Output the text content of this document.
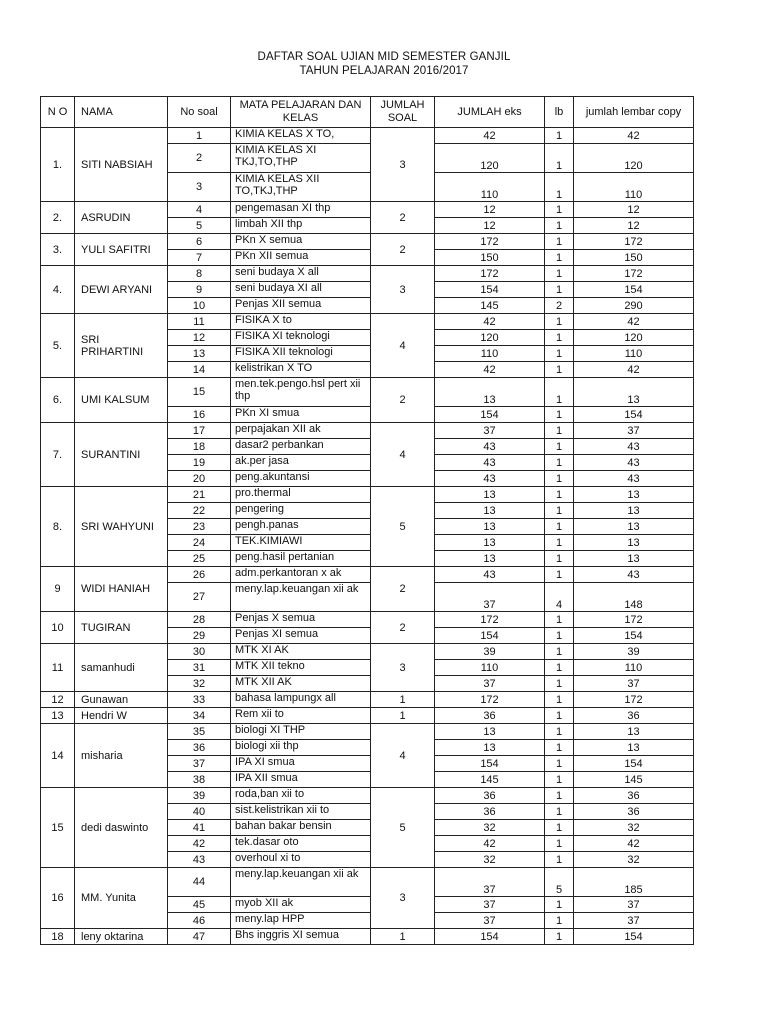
DAFTAR SOAL UJIAN MID SEMESTER GANJIL
TAHUN PELAJARAN 2016/2017
N O	NAMA	No soal	MATA PELAJARAN DAN KELAS	JUMLAH SOAL	JUMLAH eks	lb	jumlah lembar copy
1.	SITI NABSIAH	1	KIMIA KELAS X TO,	3	42	1	42
		2	KIMIA KELAS XI TKJ,TO,THP		120	1	120
		3	KIMIA KELAS XII TO,TKJ,THP		110	1	110
2.	ASRUDIN	4	pengemasan XI thp	2	12	1	12
		5	limbah XII thp		12	1	12
3.	YULI SAFITRI	6	PKn X semua	2	172	1	172
		7	PKn XII semua		150	1	150
4.	DEWI ARYANI	8	seni budaya X all	3	172	1	172
		9	seni budaya XI all		154	1	154
		10	Penjas XII semua		145	2	290
5.	SRI PRIHARTINI	11	FISIKA X to	4	42	1	42
		12	FISIKA XI teknologi		120	1	120
		13	FISIKA XII teknologi		110	1	110
		14	kelistrikan X TO		42	1	42
6.	UMI KALSUM	15	men.tek.pengo.hsl pert xii thp	2	13	1	13
		16	PKn XI smua		154	1	154
7.	SURANTINI	17	perpajakan XII ak	4	37	1	37
		18	dasar2 perbankan		43	1	43
		19	ak.per jasa		43	1	43
		20	peng.akuntansi		43	1	43
8.	SRI WAHYUNI	21	pro.thermal	5	13	1	13
		22	pengering		13	1	13
		23	pengh.panas		13	1	13
		24	TEK.KIMIAWI		13	1	13
		25	peng.hasil pertanian		13	1	13
9	WIDI HANIAH	26	adm.perkantoran x ak	2	43	1	43
		27	meny.lap.keuangan xii ak		37	4	148
10	TUGIRAN	28	Penjas X semua	2	172	1	172
		29	Penjas XI semua		154	1	154
11	samanhudi	30	MTK XI AK	3	39	1	39
		31	MTK XII tekno		110	1	110
		32	MTK XII AK		37	1	37
12	Gunawan	33	bahasa lampungx all	1	172	1	172
13	Hendri W	34	Rem xii to	1	36	1	36
14	misharia	35	biologi XI THP	4	13	1	13
		36	biologi xii thp		13	1	13
		37	IPA XI smua		154	1	154
		38	IPA XII smua		145	1	145
15	dedi daswinto	39	roda,ban xii to	5	36	1	36
		40	sist.kelistrikan xii to		36	1	36
		41	bahan bakar bensin		32	1	32
		42	tek.dasar oto		42	1	42
		43	overhoul xi to		32	1	32
16	MM. Yunita	44	meny.lap.keuangan xii ak	3	37	5	185
		45	myob XII ak		37	1	37
		46	meny.lap HPP		37	1	37
18	leny oktarina	47	Bhs inggris XI semua	1	154	1	154
